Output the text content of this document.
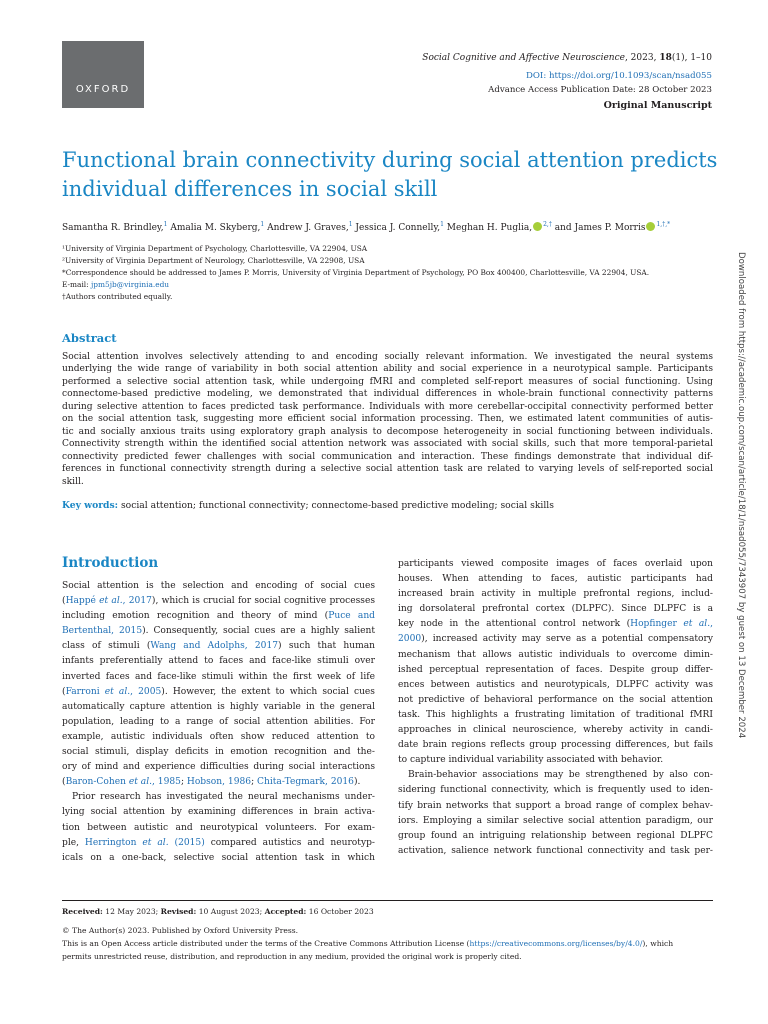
OXFORD
Social Cognitive and Affective Neuroscience, 2023, 18(1), 1–10
DOI: https://doi.org/10.1093/scan/nsad055
Advance Access Publication Date: 28 October 2023
Original Manuscript
Functional brain connectivity during social attention predicts individual differences in social skill
Samantha R. Brindley,$^1$ Amalia M. Skyberg,$^1$ Andrew J. Graves,$^1$ Jessica J. Connelly,$^1$ Meghan H. Puglia, $^{2,\dagger}$ and James P. Morris $^{1,\dagger,*}$
¹University of Virginia Department of Psychology, Charlottesville, VA 22904, USA
²University of Virginia Department of Neurology, Charlottesville, VA 22908, USA
*Correspondence should be addressed to James P. Morris, University of Virginia Department of Psychology, PO Box 400400, Charlottesville, VA 22904, USA.
E-mail: jpm5jb@virginia.edu
†Authors contributed equally.
Abstract
Social attention involves selectively attending to and encoding socially relevant information. We investigated the neural systems
underlying the wide range of variability in both social attention ability and social experience in a neurotypical sample. Participants
performed a selective social attention task, while undergoing fMRI and completed self-report measures of social functioning. Using
connectome-based predictive modeling, we demonstrated that individual differences in whole-brain functional connectivity patterns
during selective attention to faces predicted task performance. Individuals with more cerebellar-occipital connectivity performed better
on the social attention task, suggesting more efficient social information processing. Then, we estimated latent communities of autis-
tic and socially anxious traits using exploratory graph analysis to decompose heterogeneity in social functioning between individuals.
Connectivity strength within the identified social attention network was associated with social skills, such that more temporal-parietal
connectivity predicted fewer challenges with social communication and interaction. These findings demonstrate that individual dif-
ferences in functional connectivity strength during a selective social attention task are related to varying levels of self-reported social
skill.
Key words: social attention; functional connectivity; connectome-based predictive modeling; social skills
Introduction
Social attention is the selection and encoding of social cues
(Happé et al., 2017), which is crucial for social cognitive processes
including emotion recognition and theory of mind (Puce and
Bertenthal, 2015). Consequently, social cues are a highly salient
class of stimuli (Wang and Adolphs, 2017) such that human
infants preferentially attend to faces and face-like stimuli over
inverted faces and face-like stimuli within the first week of life
(Farroni et al., 2005). However, the extent to which social cues
automatically capture attention is highly variable in the general
population, leading to a range of social attention abilities. For
example, autistic individuals often show reduced attention to
social stimuli, display deficits in emotion recognition and the-
ory of mind and experience difficulties during social interactions
(Baron-Cohen et al., 1985; Hobson, 1986; Chita-Tegmark, 2016).
Prior research has investigated the neural mechanisms under-
lying social attention by examining differences in brain activa-
tion between autistic and neurotypical volunteers. For exam-
ple, Herrington et al. (2015) compared autistics and neurotyp-
icals on a one-back, selective social attention task in which
participants viewed composite images of faces overlaid upon
houses. When attending to faces, autistic participants had
increased brain activity in multiple prefrontal regions, includ-
ing dorsolateral prefrontal cortex (DLPFC). Since DLPFC is a
key node in the attentional control network (Hopfinger et al.,
2000), increased activity may serve as a potential compensatory
mechanism that allows autistic individuals to overcome dimin-
ished perceptual representation of faces. Despite group differ-
ences between autistics and neurotypicals, DLPFC activity was
not predictive of behavioral performance on the social attention
task. This highlights a frustrating limitation of traditional fMRI
approaches in clinical neuroscience, whereby activity in candi-
date brain regions reflects group processing differences, but fails
to capture individual variability associated with behavior.
Brain-behavior associations may be strengthened by also con-
sidering functional connectivity, which is frequently used to iden-
tify brain networks that support a broad range of complex behav-
iors. Employing a similar selective social attention paradigm, our
group found an intriguing relationship between regional DLPFC
activation, salience network functional connectivity and task per-
Received: 12 May 2023; Revised: 10 August 2023; Accepted: 16 October 2023
© The Author(s) 2023. Published by Oxford University Press.
This is an Open Access article distributed under the terms of the Creative Commons Attribution License (https://creativecommons.org/licenses/by/4.0/), which
permits unrestricted reuse, distribution, and reproduction in any medium, provided the original work is properly cited.
Downloaded from https://academic.oup.com/scan/article/18/1/nsad055/7343907 by guest on 13 December 2024
